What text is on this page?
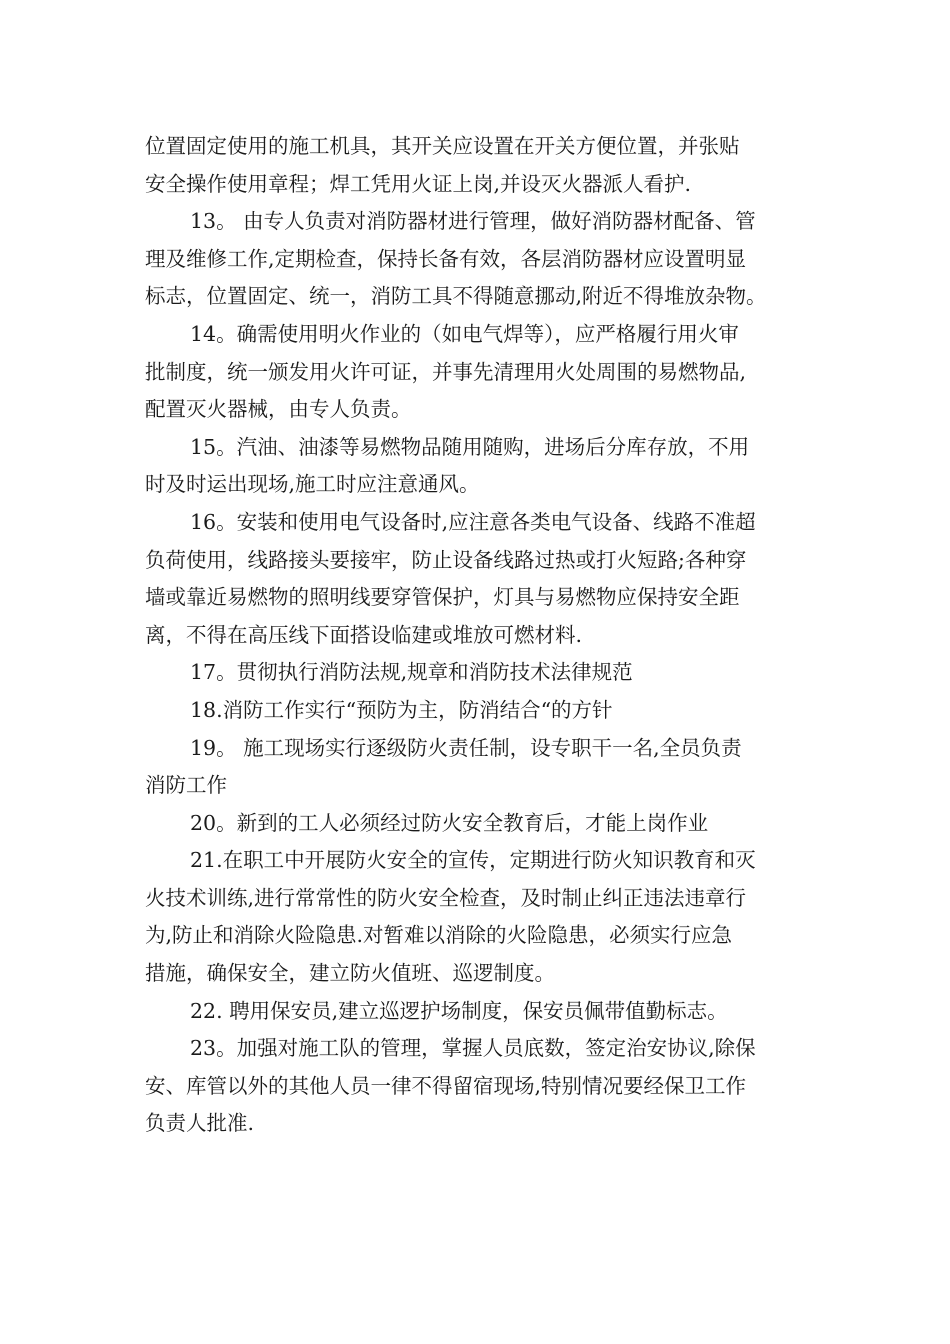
位置固定使用的施工机具，其开关应设置在开关方便位置，并张贴
安全操作使用章程；焊工凭用火证上岗,并设灭火器派人看护.

13。 由专人负责对消防器材进行管理，做好消防器材配备、管
理及维修工作,定期检查，保持长备有效，各层消防器材应设置明显
标志，位置固定、统一，消防工具不得随意挪动,附近不得堆放杂物。

14。确需使用明火作业的（如电气焊等），应严格履行用火审
批制度，统一颁发用火许可证，并事先清理用火处周围的易燃物品,
配置灭火器械，由专人负责。

15。汽油、油漆等易燃物品随用随购，进场后分库存放，不用
时及时运出现场,施工时应注意通风。

16。安装和使用电气设备时,应注意各类电气设备、线路不准超
负荷使用，线路接头要接牢，防止设备线路过热或打火短路;各种穿
墙或靠近易燃物的照明线要穿管保护，灯具与易燃物应保持安全距
离，不得在高压线下面搭设临建或堆放可燃材料.

17。贯彻执行消防法规,规章和消防技术法律规范

18.消防工作实行“预防为主，防消结合“的方针

19。 施工现场实行逐级防火责任制，设专职干一名,全员负责
消防工作

20。新到的工人必须经过防火安全教育后，才能上岗作业

21.在职工中开展防火安全的宣传，定期进行防火知识教育和灭
火技术训练,进行常常性的防火安全检查，及时制止纠正违法违章行
为,防止和消除火险隐患.对暂难以消除的火险隐患，必须实行应急
措施，确保安全，建立防火值班、巡逻制度。

22. 聘用保安员,建立巡逻护场制度，保安员佩带值勤标志。

23。加强对施工队的管理，掌握人员底数，签定治安协议,除保
安、库管以外的其他人员一律不得留宿现场,特别情况要经保卫工作
负责人批准.
